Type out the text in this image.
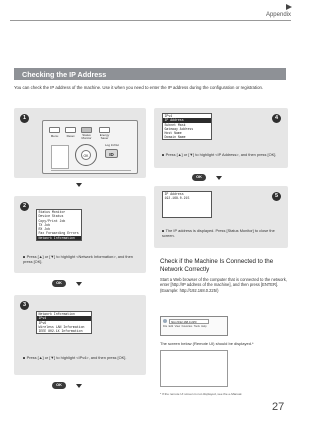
Appendix
Checking the IP Address
You can check the IP address of the machine. Use it when you need to enter the IP address during the configuration or registration.
1
Menu	Reset	Status Monitor
Energy Saver
OK
Log In/Out
ID
2
Status Monitor
Device Status
Copy/Print Job
TX Job
RX Job
Fax Forwarding Errors
Network Information
Press [▲] or [▼] to highlight <Network Information>, and then press [OK].
OK
3
Network Information
IPv4
IPv6
Wireless LAN Information
IEEE 802.1X Information
Press [▲] or [▼] to highlight <IPv4>, and then press [OK].
OK
4
IPv4
IP Address
Subnet Mask
Gateway Address
Host Name
Domain Name
Press [▲] or [▼] to highlight <IP Address>, and then press [OK].
OK
5
IP Address
192.168.0.215
The IP address is displayed. Press [Status Monitor] to close the screen.
Check if the Machine Is Connected to the Network Correctly
Start a Web browser of the computer that is connected to the network, enter [http://IP address of the machine], and then press [ENTER]. (Example: http://192.168.0.225/)
http://192.168.0.225/
File  Edit  View  Favorites  Tools  Help
The screen below (Remote UI) should be displayed.*
* If the remote UI screen is not displayed, see the e-Manual.
27
